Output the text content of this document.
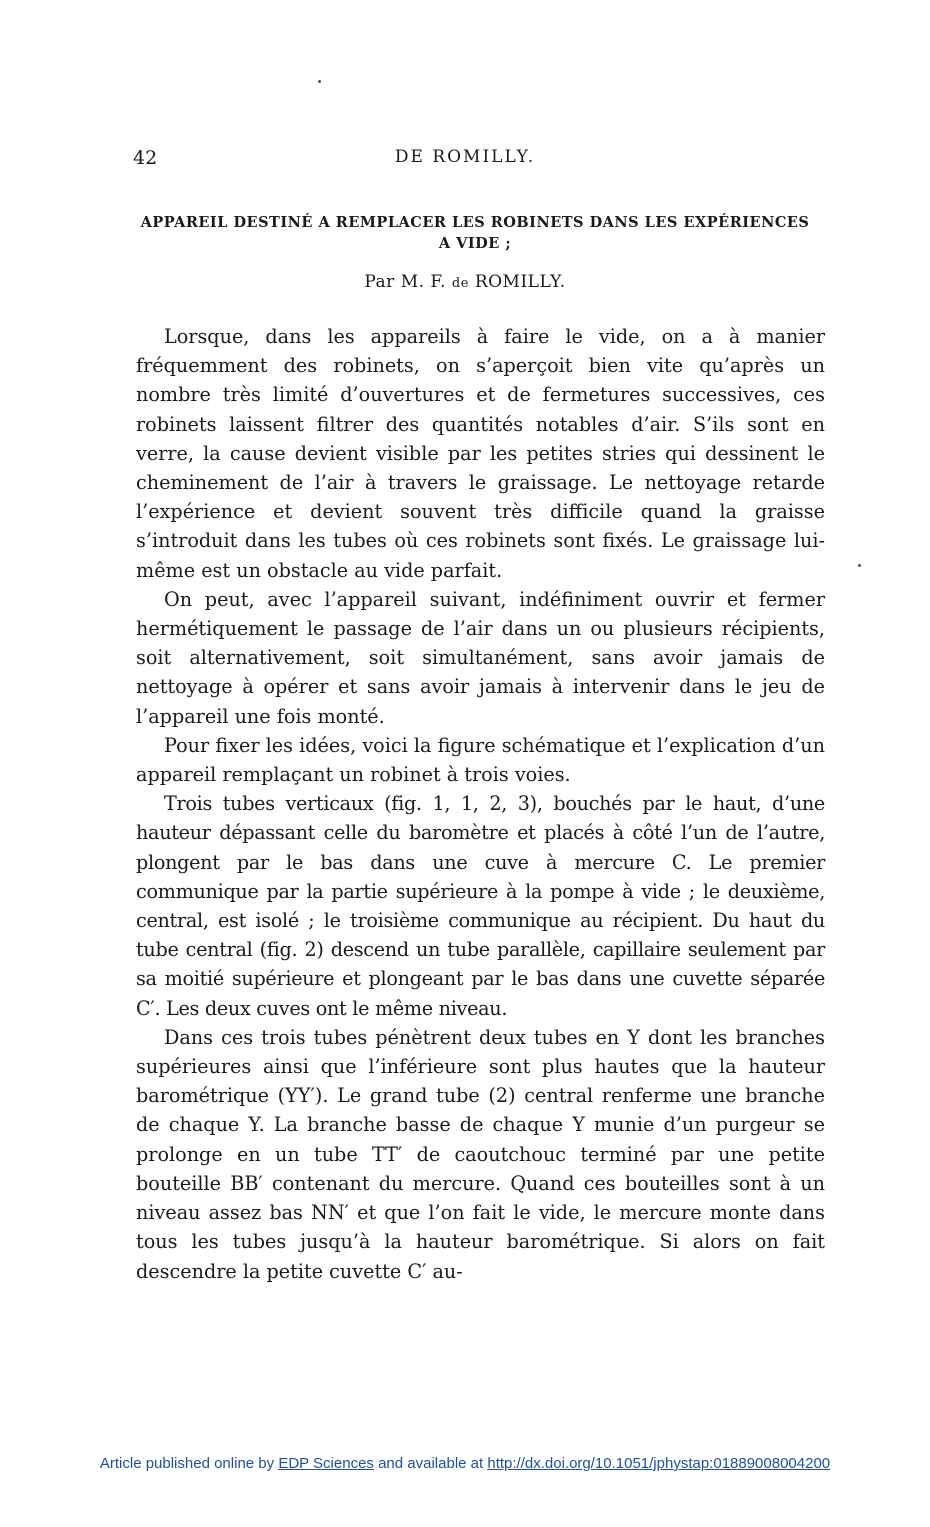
42	DE ROMILLY.
APPAREIL DESTINÉ A REMPLACER LES ROBINETS DANS LES EXPÉRIENCES
A VIDE ;
Par M. F. de ROMILLY.

Lorsque, dans les appareils à faire le vide, on a à manier fréquemment des robinets, on s’aperçoit bien vite qu’après un nombre très limité d’ouvertures et de fermetures successives, ces robinets laissent filtrer des quantités notables d’air. S’ils sont en verre, la cause devient visible par les petites stries qui dessinent le cheminement de l’air à travers le graissage. Le nettoyage retarde l’expérience et devient souvent très difficile quand la graisse s’introduit dans les tubes où ces robinets sont fixés. Le graissage lui-même est un obstacle au vide parfait.

On peut, avec l’appareil suivant, indéfiniment ouvrir et fermer hermétiquement le passage de l’air dans un ou plusieurs récipients, soit alternativement, soit simultanément, sans avoir jamais de nettoyage à opérer et sans avoir jamais à intervenir dans le jeu de l’appareil une fois monté.

Pour fixer les idées, voici la figure schématique et l’explication d’un appareil remplaçant un robinet à trois voies.

Trois tubes verticaux (fig. 1, 1, 2, 3), bouchés par le haut, d’une hauteur dépassant celle du baromètre et placés à côté l’un de l’autre, plongent par le bas dans une cuve à mercure C. Le premier communique par la partie supérieure à la pompe à vide ; le deuxième, central, est isolé ; le troisième communique au récipient. Du haut du tube central (fig. 2) descend un tube parallèle, capillaire seulement par sa moitié supérieure et plongeant par le bas dans une cuvette séparée C′. Les deux cuves ont le même niveau.

Dans ces trois tubes pénètrent deux tubes en Y dont les branches supérieures ainsi que l’inférieure sont plus hautes que la hauteur barométrique (YY′). Le grand tube (2) central renferme une branche de chaque Y. La branche basse de chaque Y munie d’un purgeur se prolonge en un tube TT′ de caoutchouc terminé par une petite bouteille BB′ contenant du mercure. Quand ces bouteilles sont à un niveau assez bas NN′ et que l’on fait le vide, le mercure monte dans tous les tubes jusqu’à la hauteur barométrique. Si alors on fait descendre la petite cuvette C′ au-

Article published online by EDP Sciences and available at http://dx.doi.org/10.1051/jphystap:01889008004200
